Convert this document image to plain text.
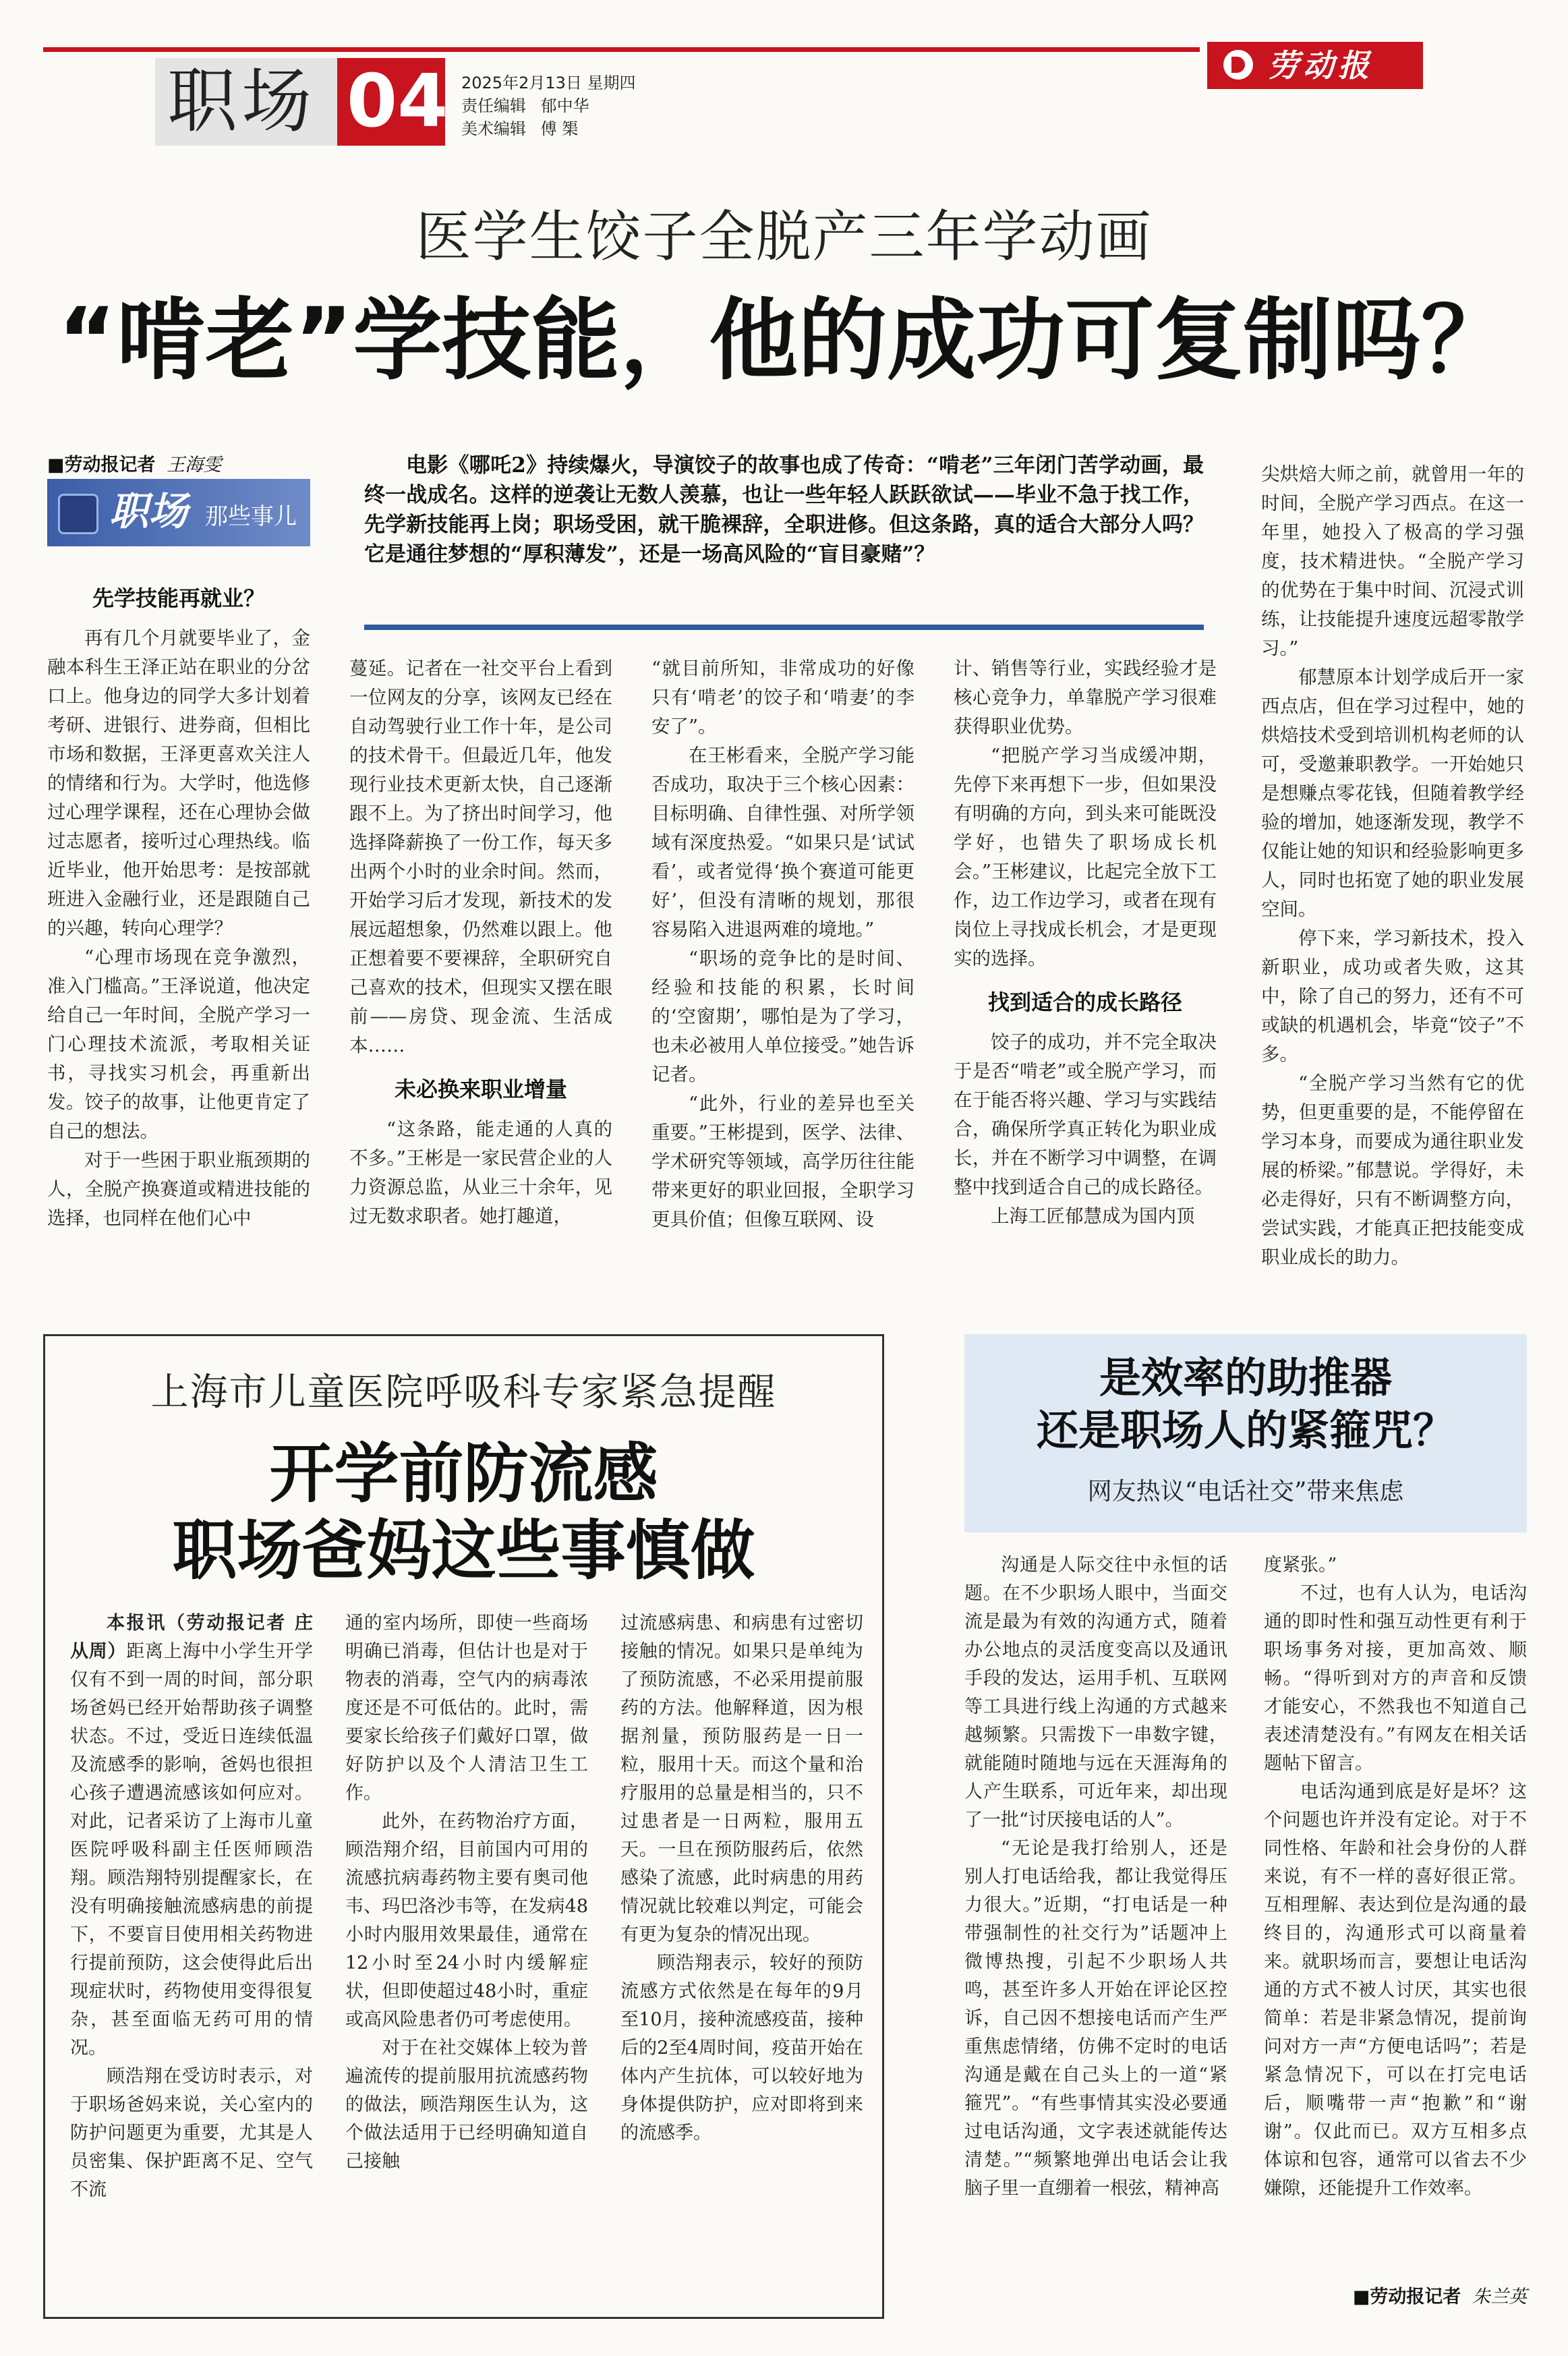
职场 04 2025年2月13日 星期四
责任编辑 郁中华
美术编辑 傅 榘
劳动报
医学生饺子全脱产三年学动画
“啃老”学技能，他的成功可复制吗？
■劳动报记者 王海雯
职场 那些事儿

电影《哪吒2》持续爆火，导演饺子的故事也成了传奇：“啃老”三年闭门苦学动画，最终一战成名。这样的逆袭让无数人羡慕，也让一些年轻人跃跃欲试——毕业不急于找工作，先学新技能再上岗；职场受困，就干脆裸辞，全职进修。但这条路，真的适合大部分人吗？它是通往梦想的“厚积薄发”，还是一场高风险的“盲目豪赌”？

先学技能再就业？

再有几个月就要毕业了，金融本科生王泽正站在职业的分岔口上。他身边的同学大多计划着考研、进银行、进券商，但相比市场和数据，王泽更喜欢关注人的情绪和行为。大学时，他选修过心理学课程，还在心理协会做过志愿者，接听过心理热线。临近毕业，他开始思考：是按部就班进入金融行业，还是跟随自己的兴趣，转向心理学？

“心理市场现在竞争激烈，准入门槛高。”王泽说道，他决定给自己一年时间，全脱产学习一门心理技术流派，考取相关证书，寻找实习机会，再重新出发。饺子的故事，让他更肯定了自己的想法。

对于一些困于职业瓶颈期的人，全脱产换赛道或精进技能的选择，也同样在他们心中

蔓延。记者在一社交平台上看到一位网友的分享，该网友已经在自动驾驶行业工作十年，是公司的技术骨干。但最近几年，他发现行业技术更新太快，自己逐渐跟不上。为了挤出时间学习，他选择降薪换了一份工作，每天多出两个小时的业余时间。然而，开始学习后才发现，新技术的发展远超想象，仍然难以跟上。他正想着要不要裸辞，全职研究自己喜欢的技术，但现实又摆在眼前——房贷、现金流、生活成本……

未必换来职业增量

“这条路，能走通的人真的不多。”王彬是一家民营企业的人力资源总监，从业三十余年，见过无数求职者。她打趣道，

“就目前所知，非常成功的好像只有‘啃老’的饺子和‘啃妻’的李安了”。

在王彬看来，全脱产学习能否成功，取决于三个核心因素：目标明确、自律性强、对所学领域有深度热爱。“如果只是‘试试看’，或者觉得‘换个赛道可能更好’，但没有清晰的规划，那很容易陷入进退两难的境地。”

“职场的竞争比的是时间、经验和技能的积累，长时间的‘空窗期’，哪怕是为了学习，也未必被用人单位接受。”她告诉记者。

“此外，行业的差异也至关重要。”王彬提到，医学、法律、学术研究等领域，高学历往往能带来更好的职业回报，全职学习更具价值；但像互联网、设

计、销售等行业，实践经验才是核心竞争力，单靠脱产学习很难获得职业优势。

“把脱产学习当成缓冲期，先停下来再想下一步，但如果没有明确的方向，到头来可能既没学好，也错失了职场成长机会。”王彬建议，比起完全放下工作，边工作边学习，或者在现有岗位上寻找成长机会，才是更现实的选择。

找到适合的成长路径

饺子的成功，并不完全取决于是否“啃老”或全脱产学习，而在于能否将兴趣、学习与实践结合，确保所学真正转化为职业成长，并在不断学习中调整，在调整中找到适合自己的成长路径。

上海工匠郁慧成为国内顶

尖烘焙大师之前，就曾用一年的时间，全脱产学习西点。在这一年里，她投入了极高的学习强度，技术精进快。“全脱产学习的优势在于集中时间、沉浸式训练，让技能提升速度远超零散学习。”

郁慧原本计划学成后开一家西点店，但在学习过程中，她的烘焙技术受到培训机构老师的认可，受邀兼职教学。一开始她只是想赚点零花钱，但随着教学经验的增加，她逐渐发现，教学不仅能让她的知识和经验影响更多人，同时也拓宽了她的职业发展空间。

停下来，学习新技术，投入新职业，成功或者失败，这其中，除了自己的努力，还有不可或缺的机遇机会，毕竟“饺子”不多。

“全脱产学习当然有它的优势，但更重要的是，不能停留在学习本身，而要成为通往职业发展的桥梁。”郁慧说。学得好，未必走得好，只有不断调整方向，尝试实践，才能真正把技能变成职业成长的助力。

上海市儿童医院呼吸科专家紧急提醒
开学前防流感
职场爸妈这些事慎做

本报讯（劳动报记者 庄从周）距离上海中小学生开学仅有不到一周的时间，部分职场爸妈已经开始帮助孩子调整状态。不过，受近日连续低温及流感季的影响，爸妈也很担心孩子遭遇流感该如何应对。对此，记者采访了上海市儿童医院呼吸科副主任医师顾浩翔。顾浩翔特别提醒家长，在没有明确接触流感病患的前提下，不要盲目使用相关药物进行提前预防，这会使得此后出现症状时，药物使用变得很复杂，甚至面临无药可用的情况。

顾浩翔在受访时表示，对于职场爸妈来说，关心室内的防护问题更为重要，尤其是人员密集、保护距离不足、空气不流

通的室内场所，即使一些商场明确已消毒，但估计也是对于物表的消毒，空气内的病毒浓度还是不可低估的。此时，需要家长给孩子们戴好口罩，做好防护以及个人清洁卫生工作。

此外，在药物治疗方面，顾浩翔介绍，目前国内可用的流感抗病毒药物主要有奥司他韦、玛巴洛沙韦等，在发病48小时内服用效果最佳，通常在12小时至24小时内缓解症状，但即使超过48小时，重症或高风险患者仍可考虑使用。

对于在社交媒体上较为普遍流传的提前服用抗流感药物的做法，顾浩翔医生认为，这个做法适用于已经明确知道自己接触

过流感病患、和病患有过密切接触的情况。如果只是单纯为了预防流感，不必采用提前服药的方法。他解释道，因为根据剂量，预防服药是一日一粒，服用十天。而这个量和治疗服用的总量是相当的，只不过患者是一日两粒，服用五天。一旦在预防服药后，依然感染了流感，此时病患的用药情况就比较难以判定，可能会有更为复杂的情况出现。

顾浩翔表示，较好的预防流感方式依然是在每年的9月至10月，接种流感疫苗，接种后的2至4周时间，疫苗开始在体内产生抗体，可以较好地为身体提供防护，应对即将到来的流感季。

是效率的助推器
还是职场人的紧箍咒？
网友热议“电话社交”带来焦虑

沟通是人际交往中永恒的话题。在不少职场人眼中，当面交流是最为有效的沟通方式，随着办公地点的灵活度变高以及通讯手段的发达，运用手机、互联网等工具进行线上沟通的方式越来越频繁。只需拨下一串数字键，就能随时随地与远在天涯海角的人产生联系，可近年来，却出现了一批“讨厌接电话的人”。

“无论是我打给别人，还是别人打电话给我，都让我觉得压力很大。”近期，“打电话是一种带强制性的社交行为”话题冲上微博热搜，引起不少职场人共鸣，甚至许多人开始在评论区控诉，自己因不想接电话而产生严重焦虑情绪，仿佛不定时的电话沟通是戴在自己头上的一道“紧箍咒”。“有些事情其实没必要通过电话沟通，文字表述就能传达清楚。”“频繁地弹出电话会让我脑子里一直绷着一根弦，精神高

度紧张。”

不过，也有人认为，电话沟通的即时性和强互动性更有利于职场事务对接，更加高效、顺畅。“得听到对方的声音和反馈才能安心，不然我也不知道自己表述清楚没有。”有网友在相关话题帖下留言。

电话沟通到底是好是坏？这个问题也许并没有定论。对于不同性格、年龄和社会身份的人群来说，有不一样的喜好很正常。互相理解、表达到位是沟通的最终目的，沟通形式可以商量着来。就职场而言，要想让电话沟通的方式不被人讨厌，其实也很简单：若是非紧急情况，提前询问对方一声“方便电话吗”；若是紧急情况下，可以在打完电话后，顺嘴带一声“抱歉”和“谢谢”。仅此而已。双方互相多点体谅和包容，通常可以省去不少嫌隙，还能提升工作效率。

■劳动报记者 朱兰英
